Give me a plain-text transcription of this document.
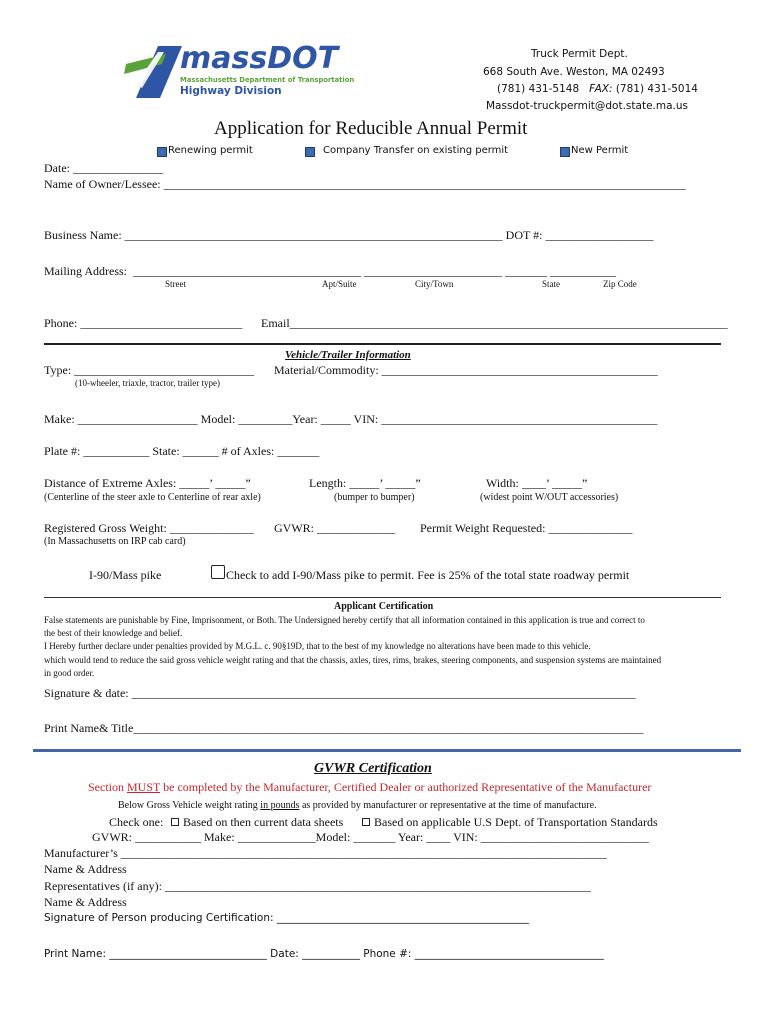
massDOT
Massachusetts Department of Transportation
Highway Division
Truck Permit Dept.
668 South Ave. Weston, MA 02493
(781) 431-5148 FAX: (781) 431-5014
Massdot-truckpermit@dot.state.ma.us
Application for Reducible Annual Permit
Renewing permit	Company Transfer on existing permit	New Permit
Date: _______________
Name of Owner/Lessee: _______________________________________________________________________________________
Business Name: _______________________________________________________________ DOT #: __________________
Mailing Address: ______________________________________ _______________________ _______ ___________
Street	Apt/Suite	City/Town	State	Zip Code
Phone: ___________________________ Email_________________________________________________________________________
Vehicle/Trailer Information
Type: ______________________________ Material/Commodity: ______________________________________________
(10-wheeler, triaxle, tractor, trailer type)
Make: ____________________ Model: _________Year: _____ VIN: ______________________________________________
Plate #: ___________ State: ______ # of Axles: _______
Distance of Extreme Axles: _____’ _____”	Length: _____’ _____”	Width: ____’ _____”
(Centerline of the steer axle to Centerline of rear axle)	(bumper to bumper)	(widest point W/OUT accessories)
Registered Gross Weight: ______________ GVWR: _____________ Permit Weight Requested: ______________
(In Massachusetts on IRP cab card)
I-90/Mass pike	Check to add I-90/Mass pike to permit. Fee is 25% of the total state roadway permit
Applicant Certification
False statements are punishable by Fine, Imprisonment, or Both. The Undersigned hereby certify that all information contained in this application is true and correct to
the best of their knowledge and belief.
I Hereby further declare under penalties provided by M.G.L. c. 90§19D, that to the best of my knowledge no alterations have been made to this vehicle.
which would tend to reduce the said gross vehicle weight rating and that the chassis, axles, tires, rims, brakes, steering components, and suspension systems are maintained
in good order.
Signature & date: ____________________________________________________________________________________
Print Name& Title_____________________________________________________________________________________
GVWR Certification
Section MUST be completed by the Manufacturer, Certified Dealer or authorized Representative of the Manufacturer
Below Gross Vehicle weight rating in pounds as provided by manufacturer or representative at the time of manufacture.
Check one: Based on then current data sheets	Based on applicable U.S Dept. of Transportation Standards
GVWR: ___________ Make: _____________Model: _______ Year: ____ VIN: ____________________________
Manufacturer’s _________________________________________________________________________________
Name & Address
Representatives (if any): _______________________________________________________________________
Name & Address
Signature of Person producing Certification: ________________________________________________
Print Name: ______________________________ Date: ___________ Phone #: ____________________________________
